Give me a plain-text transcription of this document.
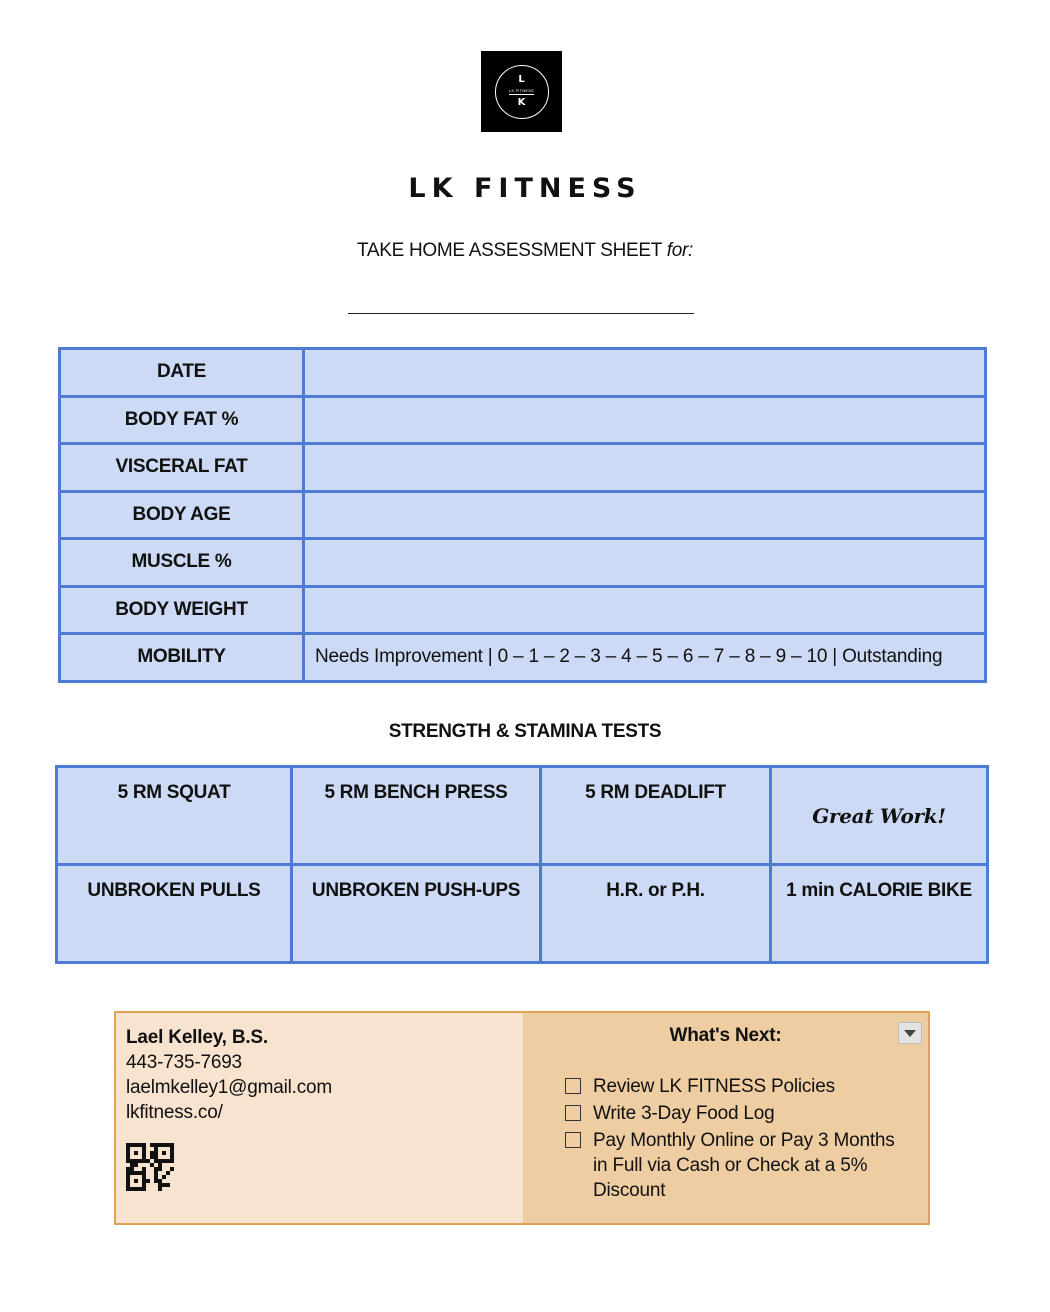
L
LK FITNESS
K
LK FITNESS
TAKE HOME ASSESSMENT SHEET for:
DATE	
BODY FAT %	
VISCERAL FAT	
BODY AGE	
MUSCLE %	
BODY WEIGHT	
MOBILITY	Needs Improvement | 0 – 1 – 2 – 3 – 4 – 5 – 6 – 7 – 8 – 9 – 10 | Outstanding
STRENGTH & STAMINA TESTS
5 RM SQUAT	5 RM BENCH PRESS	5 RM DEADLIFT	Great Work!
UNBROKEN PULLS	UNBROKEN PUSH-UPS	H.R. or P.H.	1 min CALORIE BIKE
Lael Kelley, B.S.
443-735-7693
laelmkelley1@gmail.com
lkfitness.co/
What's Next:
Review LK FITNESS Policies
Write 3-Day Food Log
Pay Monthly Online or Pay 3 Months in Full via Cash or Check at a 5% Discount
